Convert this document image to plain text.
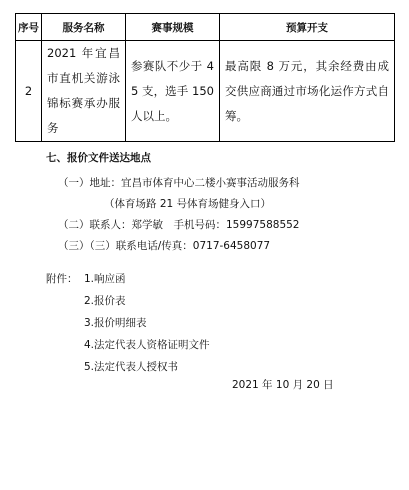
序号	服务名称	赛事规模	预算开支
2	2021 年宜昌市直机关游泳锦标赛承办服务	参赛队不少于 45 支，选手 150 人以上。	最高限 8 万元，其余经费由成交供应商通过市场化运作方式自筹。
七、报价文件送达地点
（一）地址：宜昌市体育中心二楼小赛事活动服务科
（体育场路 21 号体育场健身入口）
（二）联系人：郑学敏　手机号码：15997588552
（三）（三）联系电话/传真：0717-6458077
附件： 1.响应函
2.报价表
3.报价明细表
4.法定代表人资格证明文件
5.法定代表人授权书
2021 年 10 月 20 日
